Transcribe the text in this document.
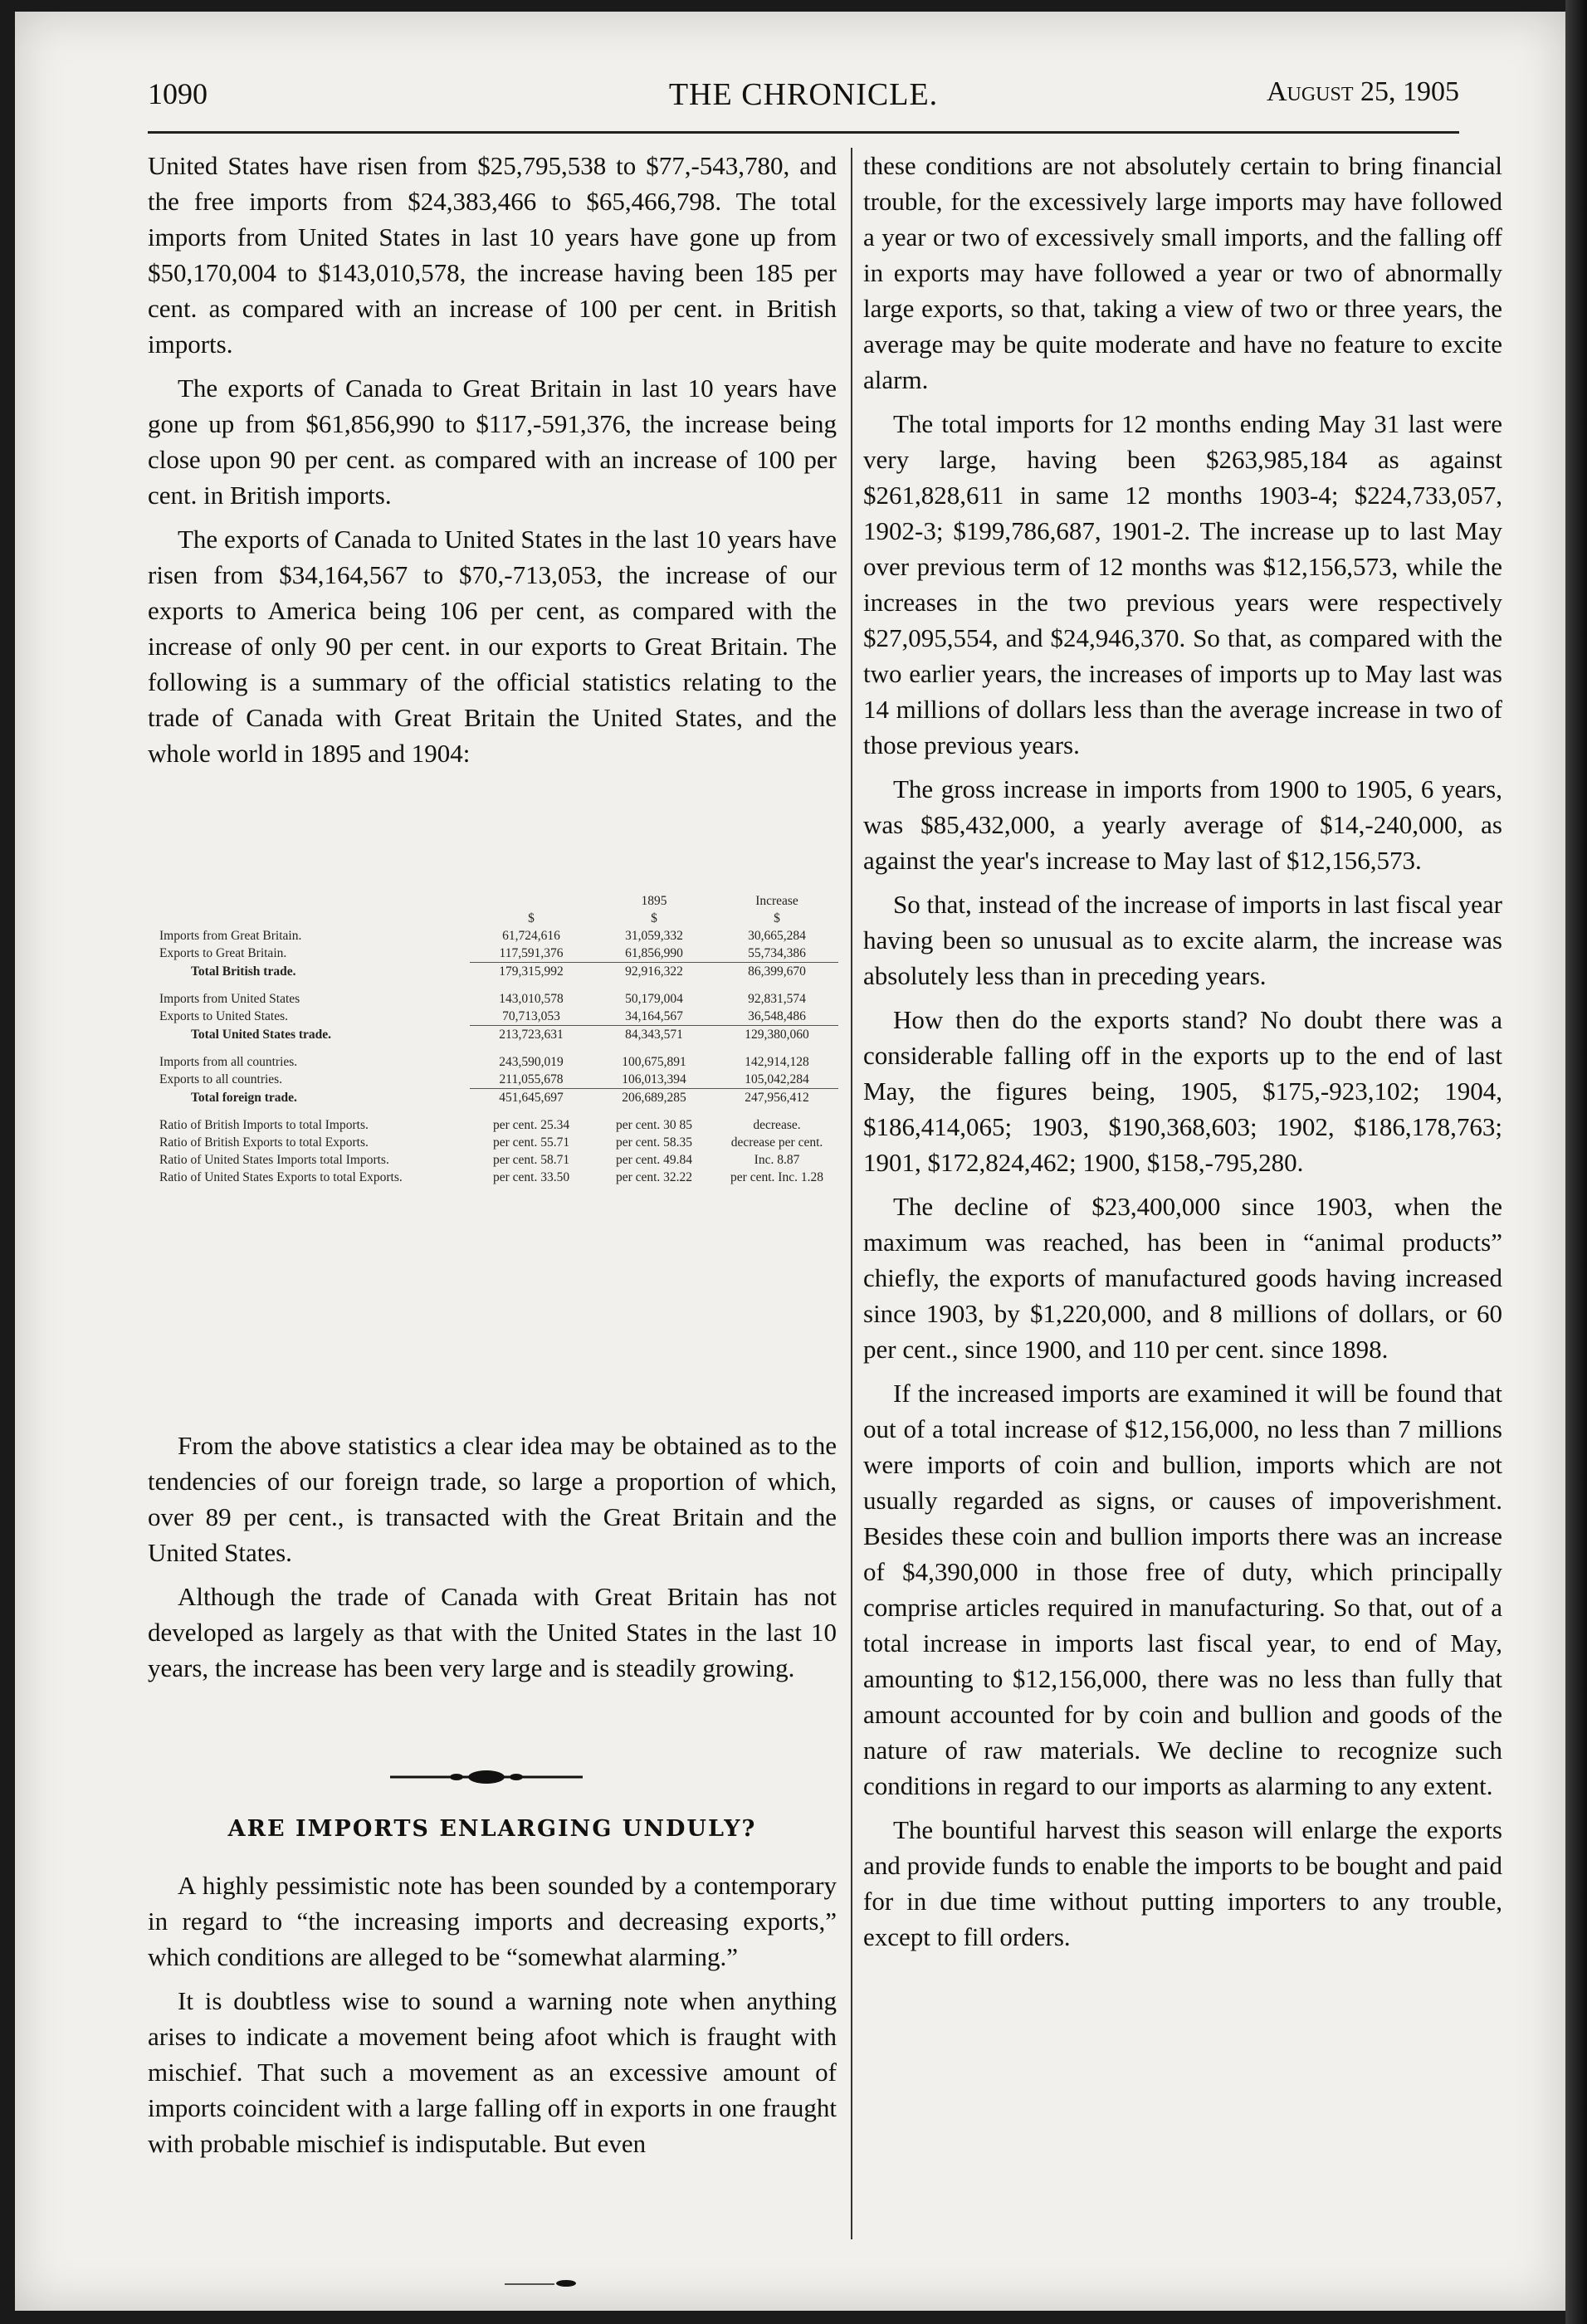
1090	THE CHRONICLE.	August 25, 1905

United States have risen from $25,795,538 to $77,-543,780, and the free imports from $24,383,466 to $65,466,798. The total imports from United States in last 10 years have gone up from $50,170,004 to $143,010,578, the increase having been 185 per cent. as compared with an increase of 100 per cent. in British imports.

The exports of Canada to Great Britain in last 10 years have gone up from $61,856,990 to $117,-591,376, the increase being close upon 90 per cent. as compared with an increase of 100 per cent. in British imports.

The exports of Canada to United States in the last 10 years have risen from $34,164,567 to $70,-713,053, the increase of our exports to America being 106 per cent, as compared with the increase of only 90 per cent. in our exports to Great Britain. The following is a summary of the official statistics relating to the trade of Canada with Great Britain the United States, and the whole world in 1895 and 1904:

		1895	Increase
	$	$	$
Imports from Great Britain.	61,724,616	31,059,332	30,665,284
Exports to Great Britain.	117,591,376	61,856,990	55,734,386
Total British trade.	179,315,992	92,916,322	86,399,670

Imports from United States	143,010,578	50,179,004	92,831,574
Exports to United States.	70,713,053	34,164,567	36,548,486
Total United States trade.	213,723,631	84,343,571	129,380,060

Imports from all countries.	243,590,019	100,675,891	142,914,128
Exports to all countries.	211,055,678	106,013,394	105,042,284
Total foreign trade.	451,645,697	206,689,285	247,956,412

Ratio of British Imports to total Imports.	per cent. 25.34	per cent. 30 85	decrease.
Ratio of British Exports to total Exports.	per cent. 55.71	per cent. 58.35	decrease per cent.
Ratio of United States Imports total Imports.	per cent. 58.71	per cent. 49.84	Inc. 8.87
Ratio of United States Exports to total Exports.	per cent. 33.50	per cent. 32.22	per cent. Inc. 1.28

From the above statistics a clear idea may be obtained as to the tendencies of our foreign trade, so large a proportion of which, over 89 per cent., is transacted with the Great Britain and the United States.

Although the trade of Canada with Great Britain has not developed as largely as that with the United States in the last 10 years, the increase has been very large and is steadily growing.

ARE IMPORTS ENLARGING UNDULY?

A highly pessimistic note has been sounded by a contemporary in regard to “the increasing imports and decreasing exports,” which conditions are alleged to be “somewhat alarming.”

It is doubtless wise to sound a warning note when anything arises to indicate a movement being afoot which is fraught with mischief. That such a movement as an excessive amount of imports coincident with a large falling off in exports in one fraught with probable mischief is indisputable. But even

these conditions are not absolutely certain to bring financial trouble, for the excessively large imports may have followed a year or two of excessively small imports, and the falling off in exports may have followed a year or two of abnormally large exports, so that, taking a view of two or three years, the average may be quite moderate and have no feature to excite alarm.

The total imports for 12 months ending May 31 last were very large, having been $263,985,184 as against $261,828,611 in same 12 months 1903-4; $224,733,057, 1902-3; $199,786,687, 1901-2. The increase up to last May over previous term of 12 months was $12,156,573, while the increases in the two previous years were respectively $27,095,554, and $24,946,370. So that, as compared with the two earlier years, the increases of imports up to May last was 14 millions of dollars less than the average increase in two of those previous years.

The gross increase in imports from 1900 to 1905, 6 years, was $85,432,000, a yearly average of $14,-240,000, as against the year's increase to May last of $12,156,573.

So that, instead of the increase of imports in last fiscal year having been so unusual as to excite alarm, the increase was absolutely less than in preceding years.

How then do the exports stand? No doubt there was a considerable falling off in the exports up to the end of last May, the figures being, 1905, $175,-923,102; 1904, $186,414,065; 1903, $190,368,603; 1902, $186,178,763; 1901, $172,824,462; 1900, $158,-795,280.

The decline of $23,400,000 since 1903, when the maximum was reached, has been in “animal products” chiefly, the exports of manufactured goods having increased since 1903, by $1,220,000, and 8 millions of dollars, or 60 per cent., since 1900, and 110 per cent. since 1898.

If the increased imports are examined it will be found that out of a total increase of $12,156,000, no less than 7 millions were imports of coin and bullion, imports which are not usually regarded as signs, or causes of impoverishment. Besides these coin and bullion imports there was an increase of $4,390,000 in those free of duty, which principally comprise articles required in manufacturing. So that, out of a total increase in imports last fiscal year, to end of May, amounting to $12,156,000, there was no less than fully that amount accounted for by coin and bullion and goods of the nature of raw materials. We decline to recognize such conditions in regard to our imports as alarming to any extent.

The bountiful harvest this season will enlarge the exports and provide funds to enable the imports to be bought and paid for in due time without putting importers to any trouble, except to fill orders.
